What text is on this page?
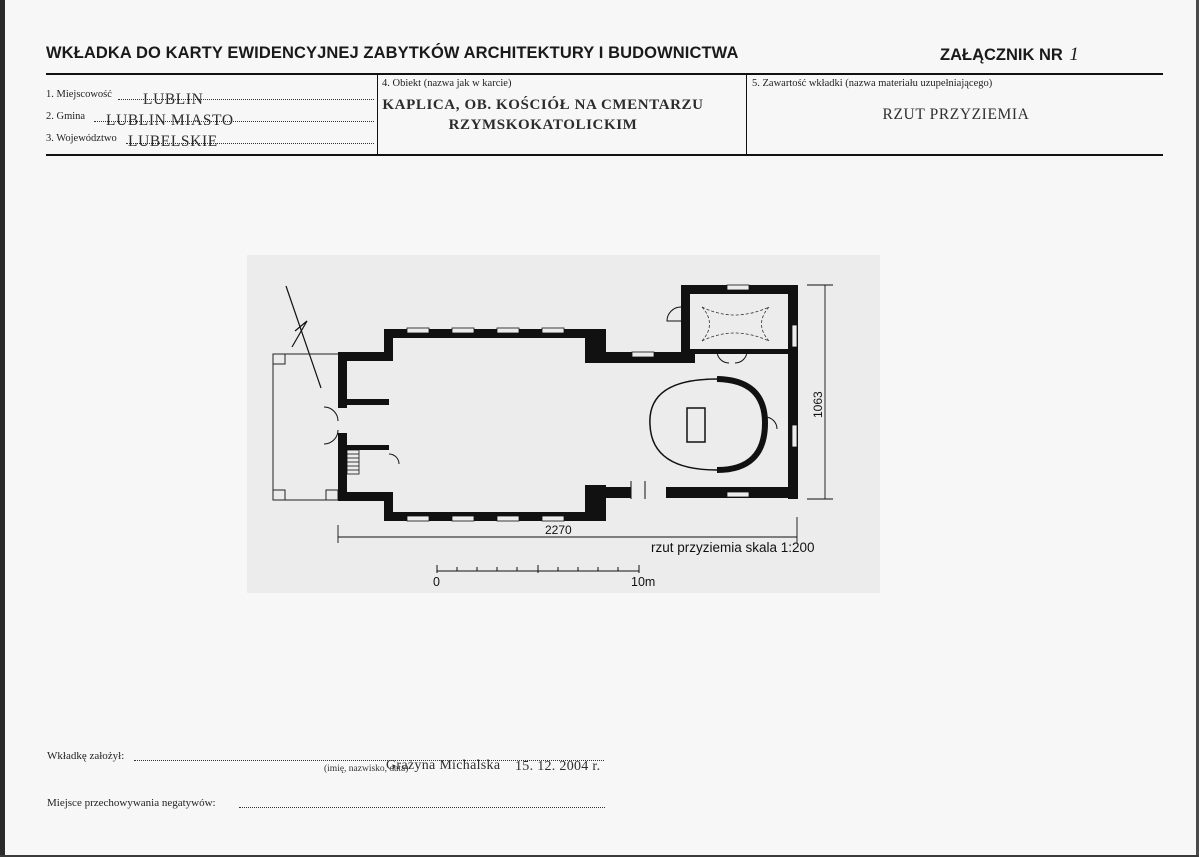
WKŁADKA DO KARTY EWIDENCYJNEJ ZABYTKÓW ARCHITEKTURY I BUDOWNICTWA	ZAŁĄCZNIK NR 1
1. Miejscowość LUBLIN
2. Gmina LUBLIN MIASTO
3. Województwo LUBELSKIE
4. Obiekt (nazwa jak w karcie)
KAPLICA, OB. KOŚCIÓŁ NA CMENTARZU
RZYMSKOKATOLICKIM
5. Zawartość wkładki (nazwa materiału uzupełniającego)
RZUT PRZYZIEMIA
2270
1063
rzut przyziemia skala 1:200
0	10m
Wkładkę założył:
(imię, nazwisko, data)
Grażyna Michalska 15. 12. 2004 r.
Miejsce przechowywania negatywów:
